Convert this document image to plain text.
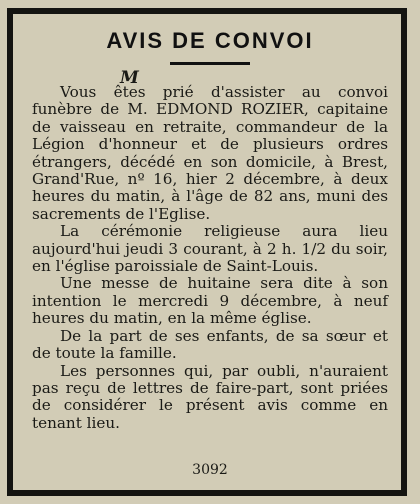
AVIS DE CONVOI
M

Vous êtes prié d'assister au convoi funèbre de M. EDMOND ROZIER, capitaine de vaisseau en retraite, commandeur de la Légion d'honneur et de plusieurs ordres étrangers, décédé en son domicile, à Brest, Grand'Rue, nº 16, hier 2 décembre, à deux heures du matin, à l'âge de 82 ans, muni des sacrements de l'Eglise.

La cérémonie religieuse aura lieu aujourd'hui jeudi 3 courant, à 2 h. 1/2 du soir, en l'église paroissiale de Saint-Louis.

Une messe de huitaine sera dite à son intention le mercredi 9 décembre, à neuf heures du matin, en la même église.

De la part de ses enfants, de sa sœur et de toute la famille.

Les personnes qui, par oubli, n'auraient pas reçu de lettres de faire-part, sont priées de considérer le présent avis comme en tenant lieu.

3092
